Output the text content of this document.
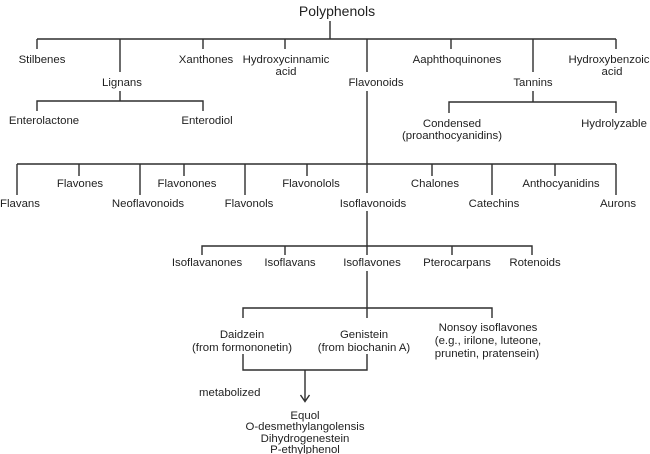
Polyphenols
Stilbenes	Xanthones Hydroxycinnamic
acid
Aaphthoquinones	Hydroxybenzoic
acid
Lignans	Flavonoids	Tannins
Enterolactone	Enterodiol	Condensed
(proanthocyanidins)
Hydrolyzable
Flavones	Flavonones	Flavonolols	Chalones	Anthocyanidins
Flavans	Neoflavonoids	Flavonols	Isoflavonoids	Catechins	Aurons
Isoflavanones Isoflavans Isoflavones Pterocarpans Rotenoids
Daidzein
(from formononetin)
Genistein
(from biochanin A)
Nonsoy isoflavones
(e.g., irilone, luteone,
prunetin, pratensein)
metabolized
Equol
O-desmethylangolensis
Dihydrogenestein
P-ethylphenol
